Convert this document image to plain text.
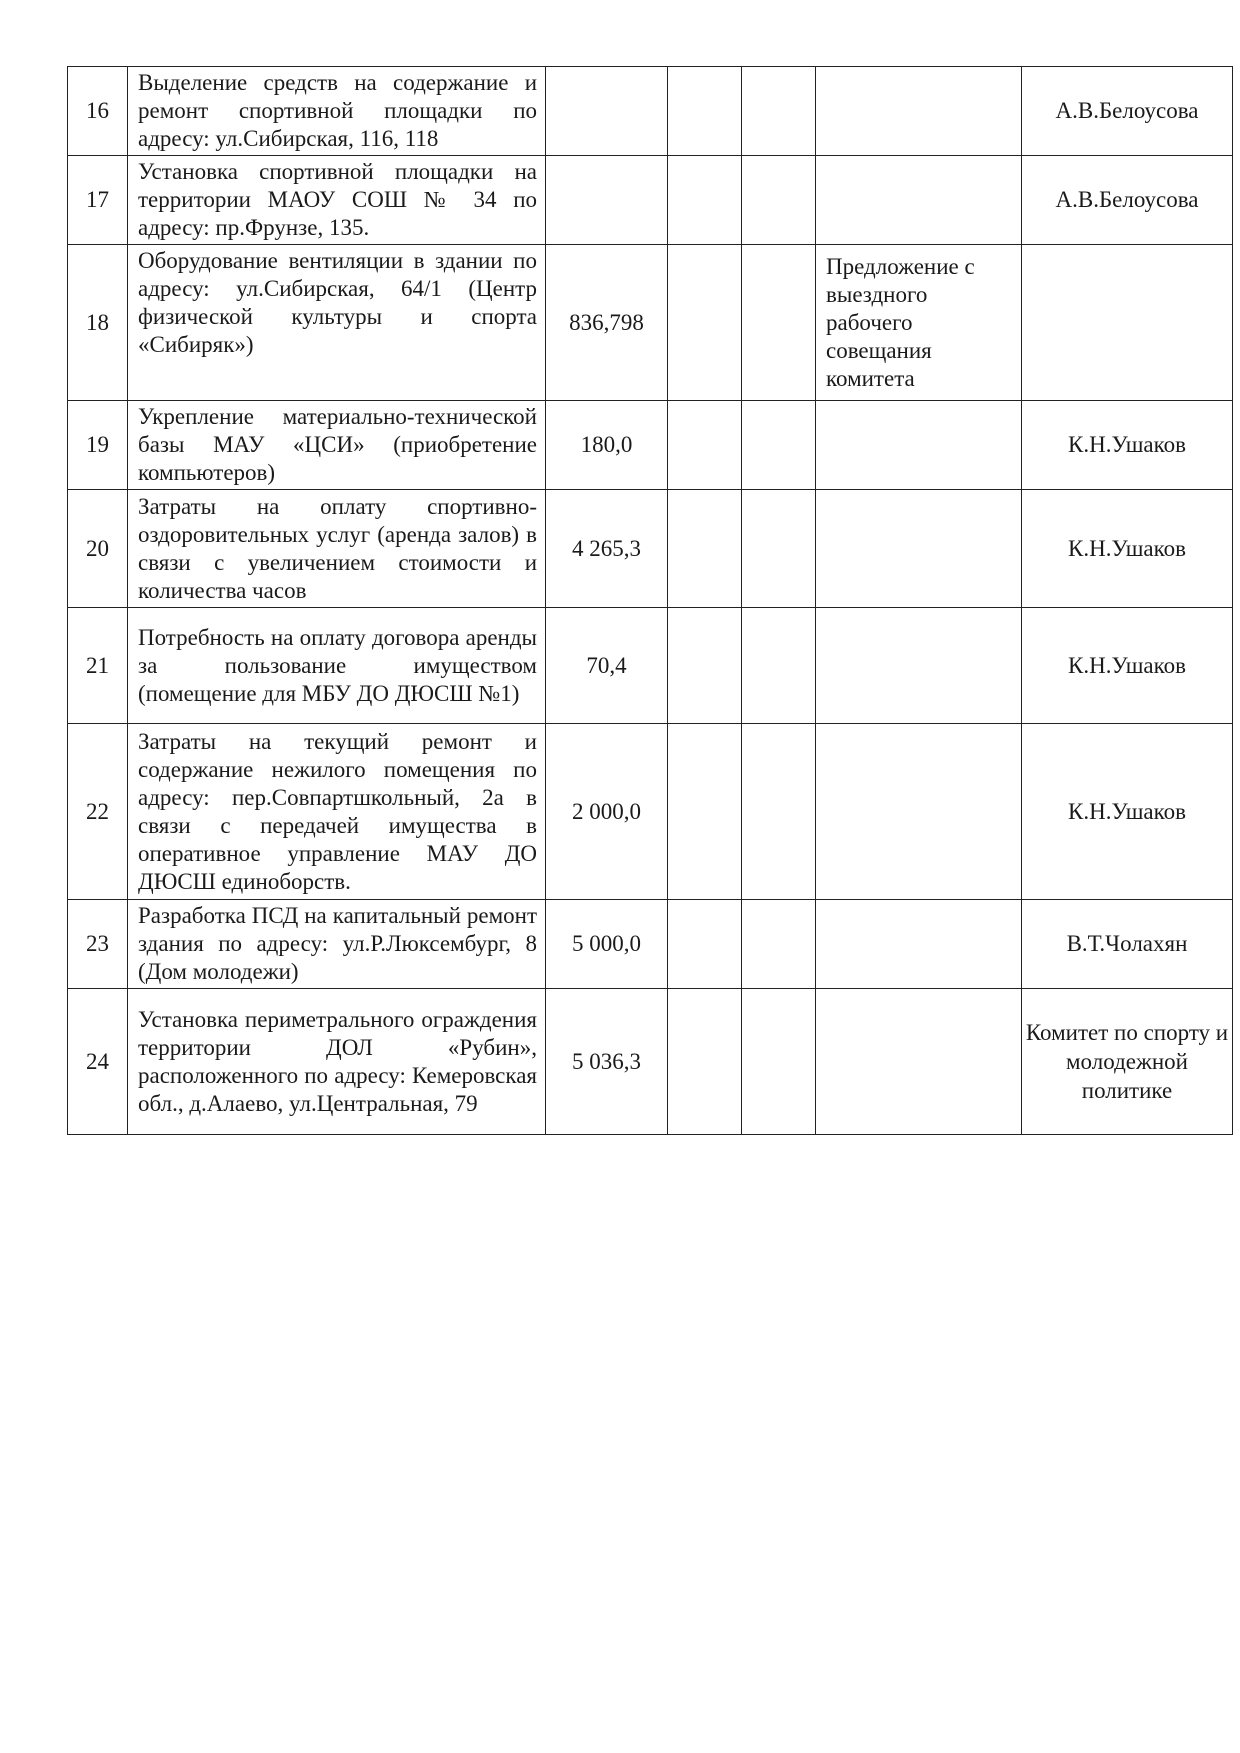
16	Выделение средств на содержание и ремонт спортивной площадки по адресу: ул.Сибирская, 116, 118					А.В.Белоусова
17	Установка спортивной площадки на территории МАОУ СОШ № 34 по адресу: пр.Фрунзе, 135.					А.В.Белоусова
18	Оборудование вентиляции в здании по адресу: ул.Сибирская, 64/1 (Центр физической культуры и спорта «Сибиряк»)	836,798			Предложение с выездного рабочего совещания комитета	
19	Укрепление материально-технической базы МАУ «ЦСИ» (приобретение компьютеров)	180,0				К.Н.Ушаков
20	Затраты на оплату спортивно-оздоровительных услуг (аренда залов) в связи с увеличением стоимости и количества часов	4 265,3				К.Н.Ушаков
21	Потребность на оплату договора аренды за пользование имуществом (помещение для МБУ ДО ДЮСШ №1)	70,4				К.Н.Ушаков
22	Затраты на текущий ремонт и содержание нежилого помещения по адресу: пер.Совпартшкольный, 2а в связи с передачей имущества в оперативное управление МАУ ДО ДЮСШ единоборств.	2 000,0				К.Н.Ушаков
23	Разработка ПСД на капитальный ремонт здания по адресу: ул.Р.Люксембург, 8 (Дом молодежи)	5 000,0				В.Т.Чолахян
24	Установка периметрального ограждения территории ДОЛ «Рубин», расположенного по адресу: Кемеровская обл., д.Алаево, ул.Центральная, 79	5 036,3				Комитет по спорту и молодежной политике
